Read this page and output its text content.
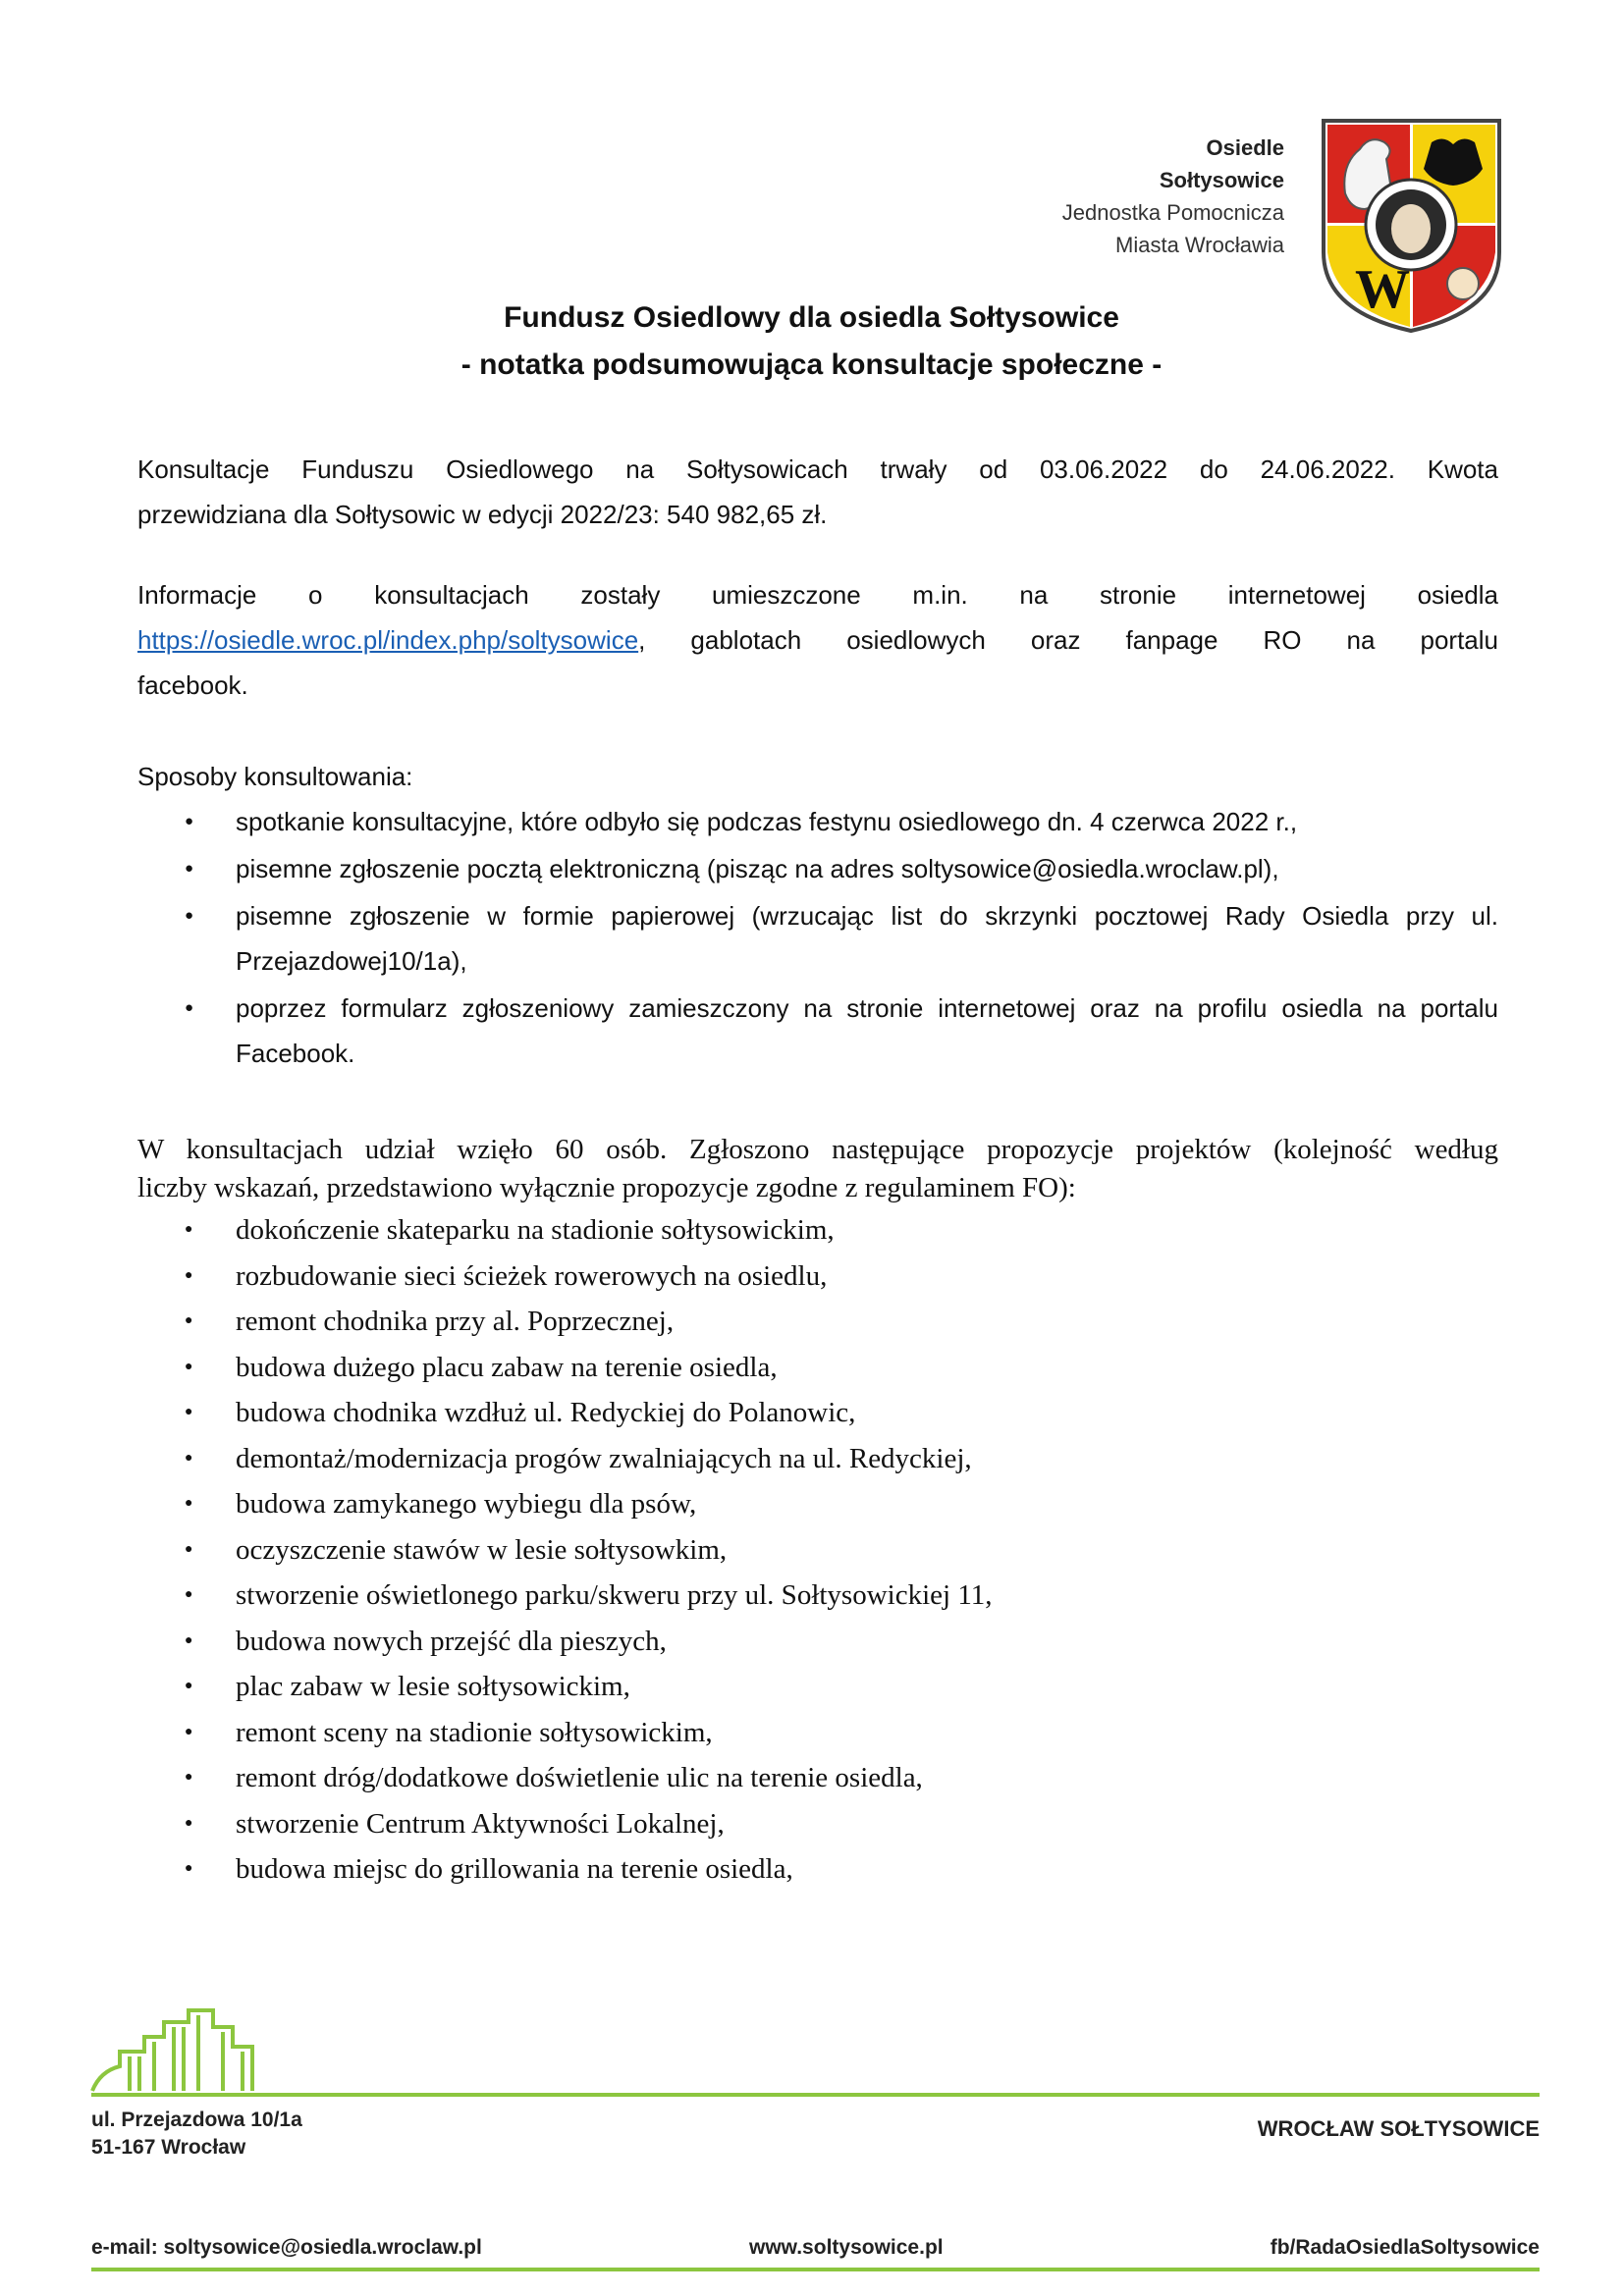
Osiedle
Sołtysowice
Jednostka Pomocnicza
Miasta Wrocławia
W
Fundusz Osiedlowy dla osiedla Sołtysowice
- notatka podsumowująca konsultacje społeczne -
Konsultacje Funduszu Osiedlowego na Sołtysowicach trwały od 03.06.2022 do 24.06.2022. Kwota
przewidziana dla Sołtysowic w edycji 2022/23: 540 982,65 zł.
Informacje o konsultacjach zostały umieszczone m.in. na stronie internetowej osiedla
https://osiedle.wroc.pl/index.php/soltysowice, gablotach osiedlowych oraz fanpage RO na portalu
facebook.
Sposoby konsultowania:
● spotkanie konsultacyjne, które odbyło się podczas festynu osiedlowego dn. 4 czerwca 2022 r.,
● pisemne zgłoszenie pocztą elektroniczną (pisząc na adres soltysowice@osiedla.wroclaw.pl),
● pisemne zgłoszenie w formie papierowej (wrzucając list do skrzynki pocztowej Rady Osiedla przy ul. Przejazdowej10/1a),
● poprzez formularz zgłoszeniowy zamieszczony na stronie internetowej oraz na profilu osiedla na portalu Facebook.

W konsultacjach udział wzięło 60 osób. Zgłoszono następujące propozycje projektów (kolejność według

liczby wskazań, przedstawiono wyłącznie propozycje zgodne z regulaminem FO):

● dokończenie skateparku na stadionie sołtysowickim,
● rozbudowanie sieci ścieżek rowerowych na osiedlu,
● remont chodnika przy al. Poprzecznej,
● budowa dużego placu zabaw na terenie osiedla,
● budowa chodnika wzdłuż ul. Redyckiej do Polanowic,
● demontaż/modernizacja progów zwalniających na ul. Redyckiej,
● budowa zamykanego wybiegu dla psów,
● oczyszczenie stawów w lesie sołtysowkim,
● stworzenie oświetlonego parku/skweru przy ul. Sołtysowickiej 11,
● budowa nowych przejść dla pieszych,
● plac zabaw w lesie sołtysowickim,
● remont sceny na stadionie sołtysowickim,
● remont dróg/dodatkowe doświetlenie ulic na terenie osiedla,
● stworzenie Centrum Aktywności Lokalnej,
● budowa miejsc do grillowania na terenie osiedla,
ul. Przejazdowa 10/1a
51-167 Wrocław
WROCŁAW SOŁTYSOWICE
e-mail: soltysowice@osiedla.wroclaw.pl	www.soltysowice.pl	fb/RadaOsiedlaSoltysowice
